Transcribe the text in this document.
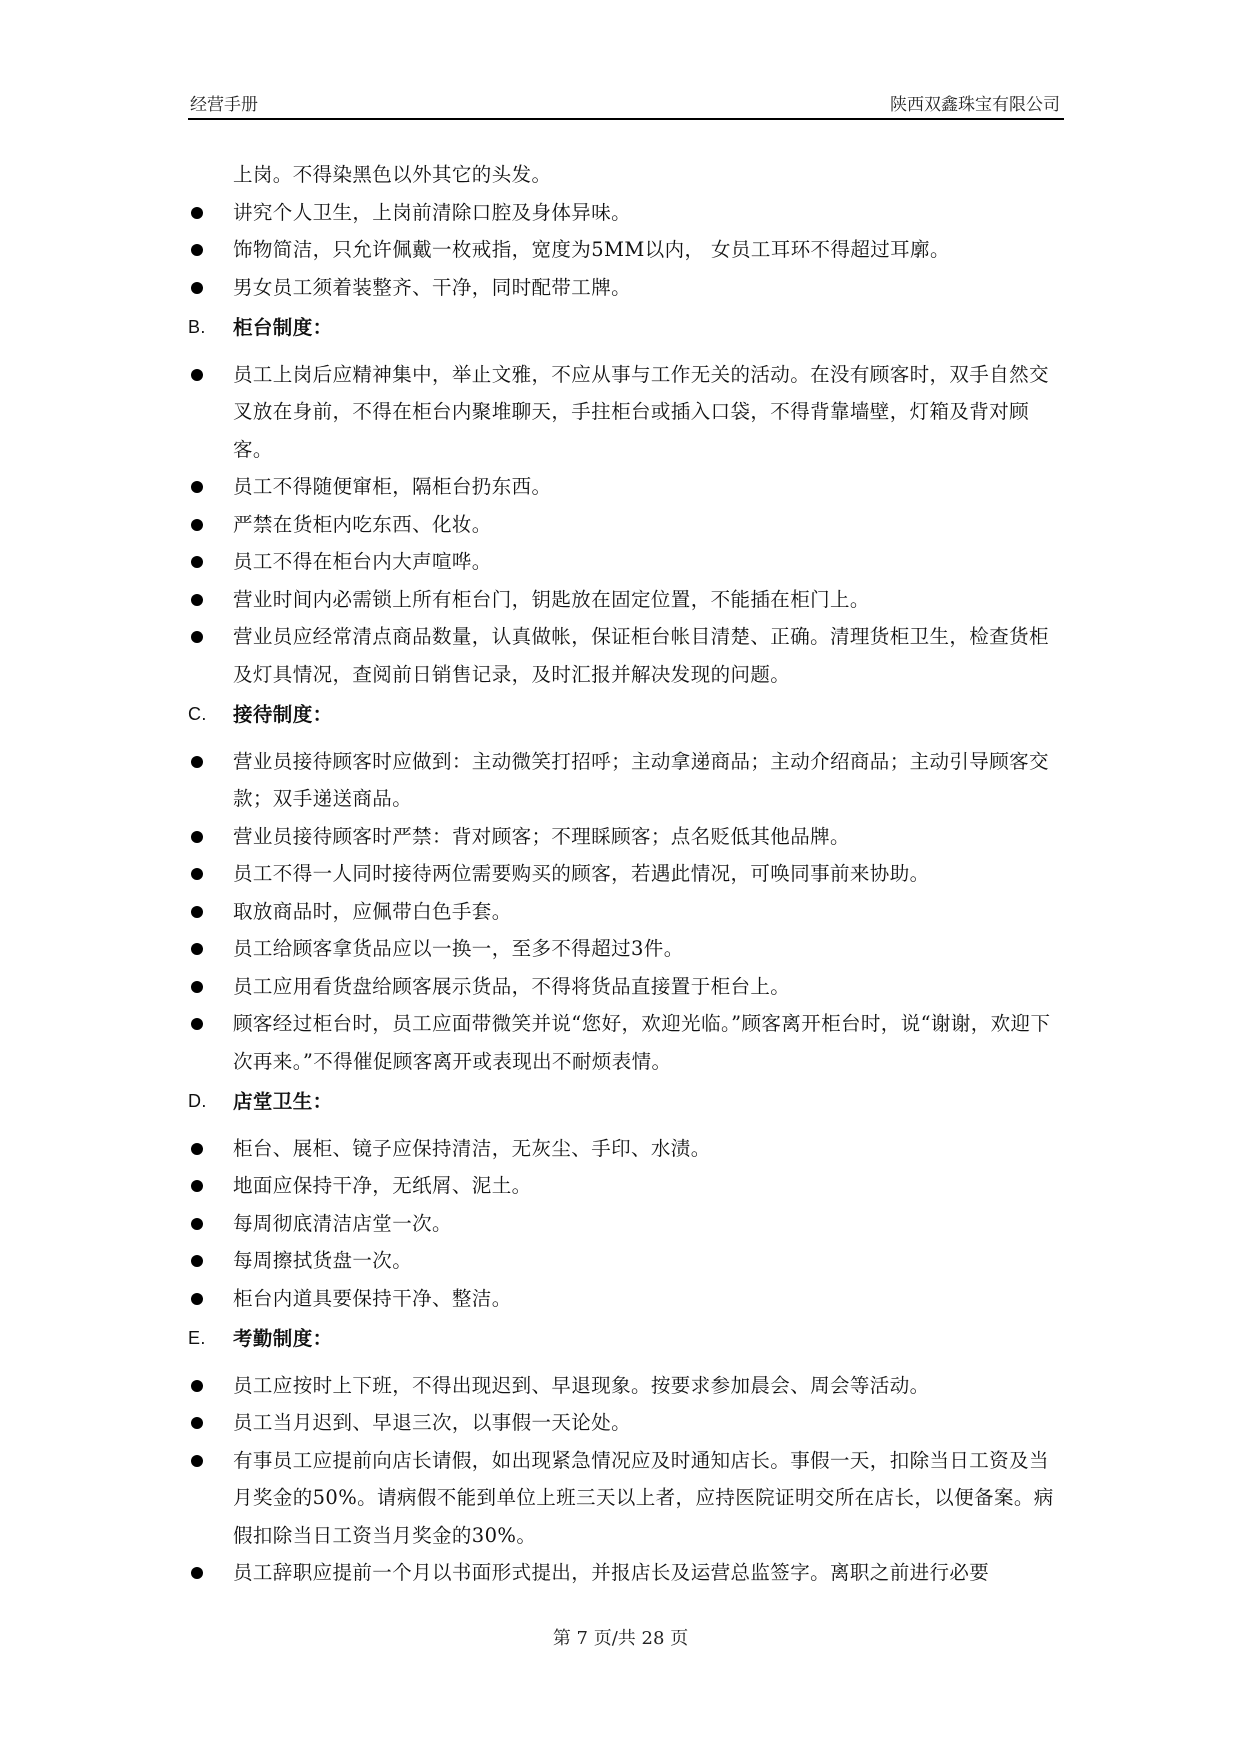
经营手册	陕西双鑫珠宝有限公司
上岗。不得染黑色以外其它的头发。
讲究个人卫生，上岗前清除口腔及身体异味。
饰物简洁，只允许佩戴一枚戒指，宽度为5MM以内， 女员工耳环不得超过耳廓。
男女员工须着装整齐、干净，同时配带工牌。
B. 柜台制度：
员工上岗后应精神集中，举止文雅，不应从事与工作无关的活动。在没有顾客时，双手自然交叉放在身前，不得在柜台内聚堆聊天，手拄柜台或插入口袋，不得背靠墙壁，灯箱及背对顾客。
员工不得随便窜柜，隔柜台扔东西。
严禁在货柜内吃东西、化妆。
员工不得在柜台内大声喧哗。
营业时间内必需锁上所有柜台门，钥匙放在固定位置，不能插在柜门上。
营业员应经常清点商品数量，认真做帐，保证柜台帐目清楚、正确。清理货柜卫生，检查货柜及灯具情况，查阅前日销售记录，及时汇报并解决发现的问题。
C. 接待制度：
营业员接待顾客时应做到：主动微笑打招呼；主动拿递商品；主动介绍商品；主动引导顾客交款；双手递送商品。
营业员接待顾客时严禁：背对顾客；不理睬顾客；点名贬低其他品牌。
员工不得一人同时接待两位需要购买的顾客，若遇此情况，可唤同事前来协助。
取放商品时，应佩带白色手套。
员工给顾客拿货品应以一换一，至多不得超过3件。
员工应用看货盘给顾客展示货品，不得将货品直接置于柜台上。
顾客经过柜台时，员工应面带微笑并说“您好，欢迎光临。”顾客离开柜台时，说“谢谢，欢迎下次再来。”不得催促顾客离开或表现出不耐烦表情。
D. 店堂卫生：
柜台、展柜、镜子应保持清洁，无灰尘、手印、水渍。
地面应保持干净，无纸屑、泥土。
每周彻底清洁店堂一次。
每周擦拭货盘一次。
柜台内道具要保持干净、整洁。
E. 考勤制度：
员工应按时上下班，不得出现迟到、早退现象。按要求参加晨会、周会等活动。
员工当月迟到、早退三次，以事假一天论处。
有事员工应提前向店长请假，如出现紧急情况应及时通知店长。事假一天，扣除当日工资及当月奖金的50%。请病假不能到单位上班三天以上者，应持医院证明交所在店长，以便备案。病假扣除当日工资当月奖金的30%。
员工辞职应提前一个月以书面形式提出，并报店长及运营总监签字。离职之前进行必要
第 7 页/共 28 页
